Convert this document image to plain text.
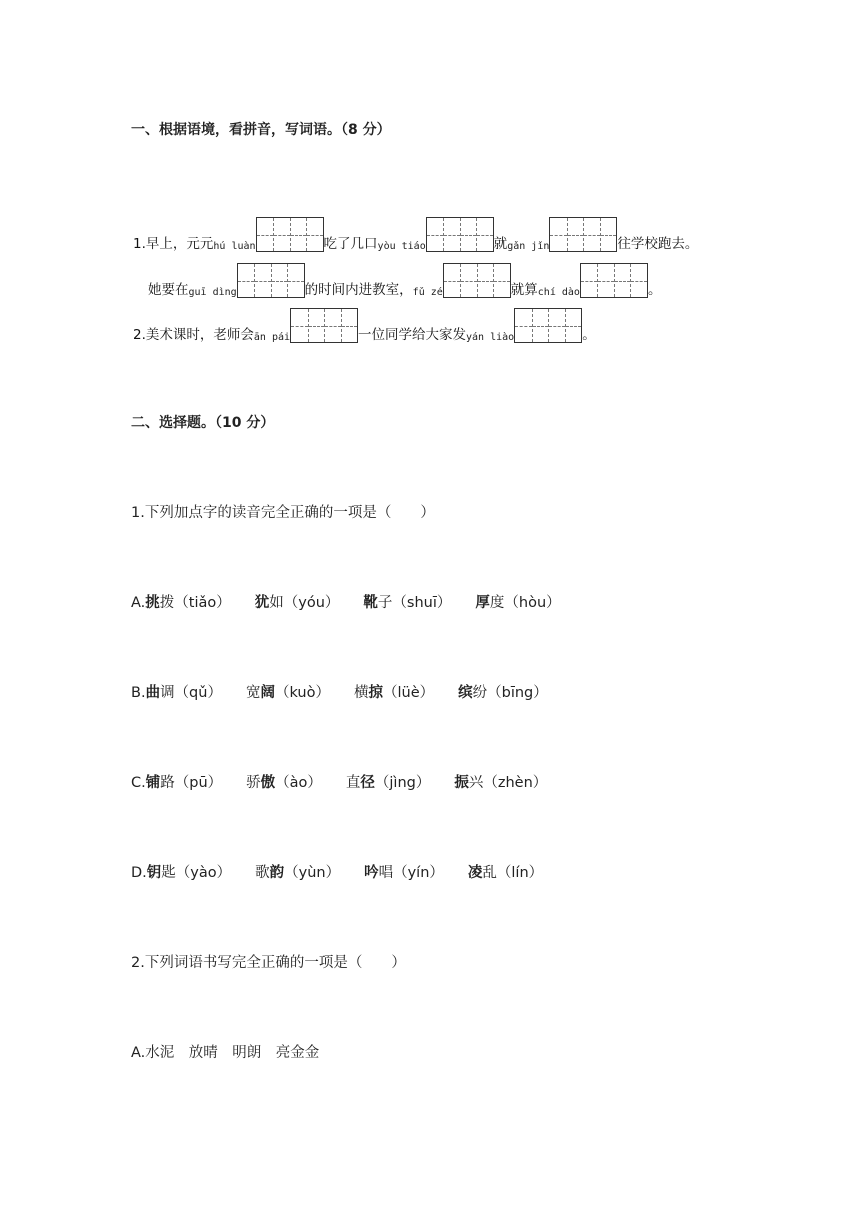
一、根据语境，看拼音，写词语。（8 分）
1. 早上，元元 hú luàn	吃了几口 yòu tiáo	就 gǎn jǐn	往学校跑去。
她要在 guī dìng	的时间内进教室， fǔ zé	就算 chí dào	。
2. 美术课时，老师会 ān pái	一位同学给大家发 yán liào	。
二、选择题。（10 分）
1.下列加点字的读音完全正确的一项是（　　）
A.挑拨（tiǎo） 犹如（yóu） 靴子（shuī） 厚度（hòu）
B.曲调（qǔ） 宽阔（kuò） 横掠（lüè） 缤纷（bīng）
C.铺路（pū） 骄傲（ào） 直径（jìng） 振兴（zhèn）
D.钥匙（yào） 歌韵（yùn） 吟唱（yín） 凌乱（lín）
2.下列词语书写完全正确的一项是（　　）
A.水泥　放晴　明朗　亮金金
